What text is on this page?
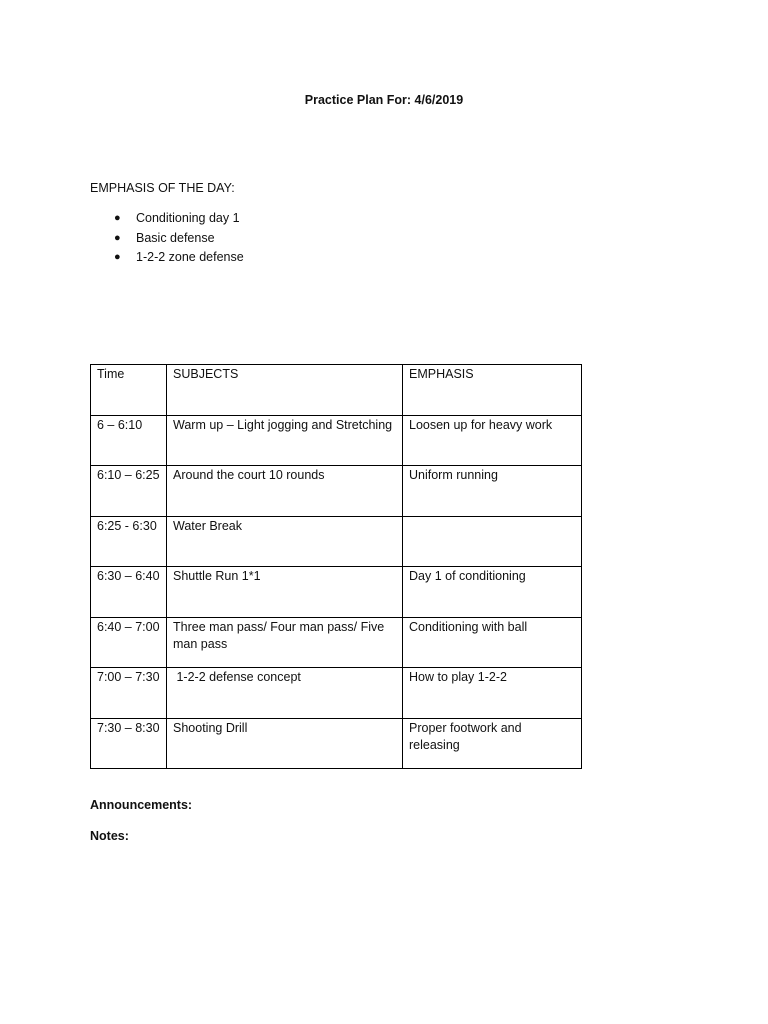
Practice Plan For: 4/6/2019
EMPHASIS OF THE DAY:
● Conditioning day 1
● Basic defense
● 1-2-2 zone defense
Time	SUBJECTS	EMPHASIS
6 – 6:10	Warm up – Light jogging and Stretching	Loosen up for heavy work
6:10 – 6:25	Around the court 10 rounds	Uniform running
6:25 - 6:30	Water Break	
6:30 – 6:40	Shuttle Run 1*1	Day 1 of conditioning
6:40 – 7:00	Three man pass/ Four man pass/ Five man pass	Conditioning with ball
7:00 – 7:30	1-2-2 defense concept	How to play 1-2-2
7:30 – 8:30	Shooting Drill	Proper footwork and releasing
Announcements:
Notes:
